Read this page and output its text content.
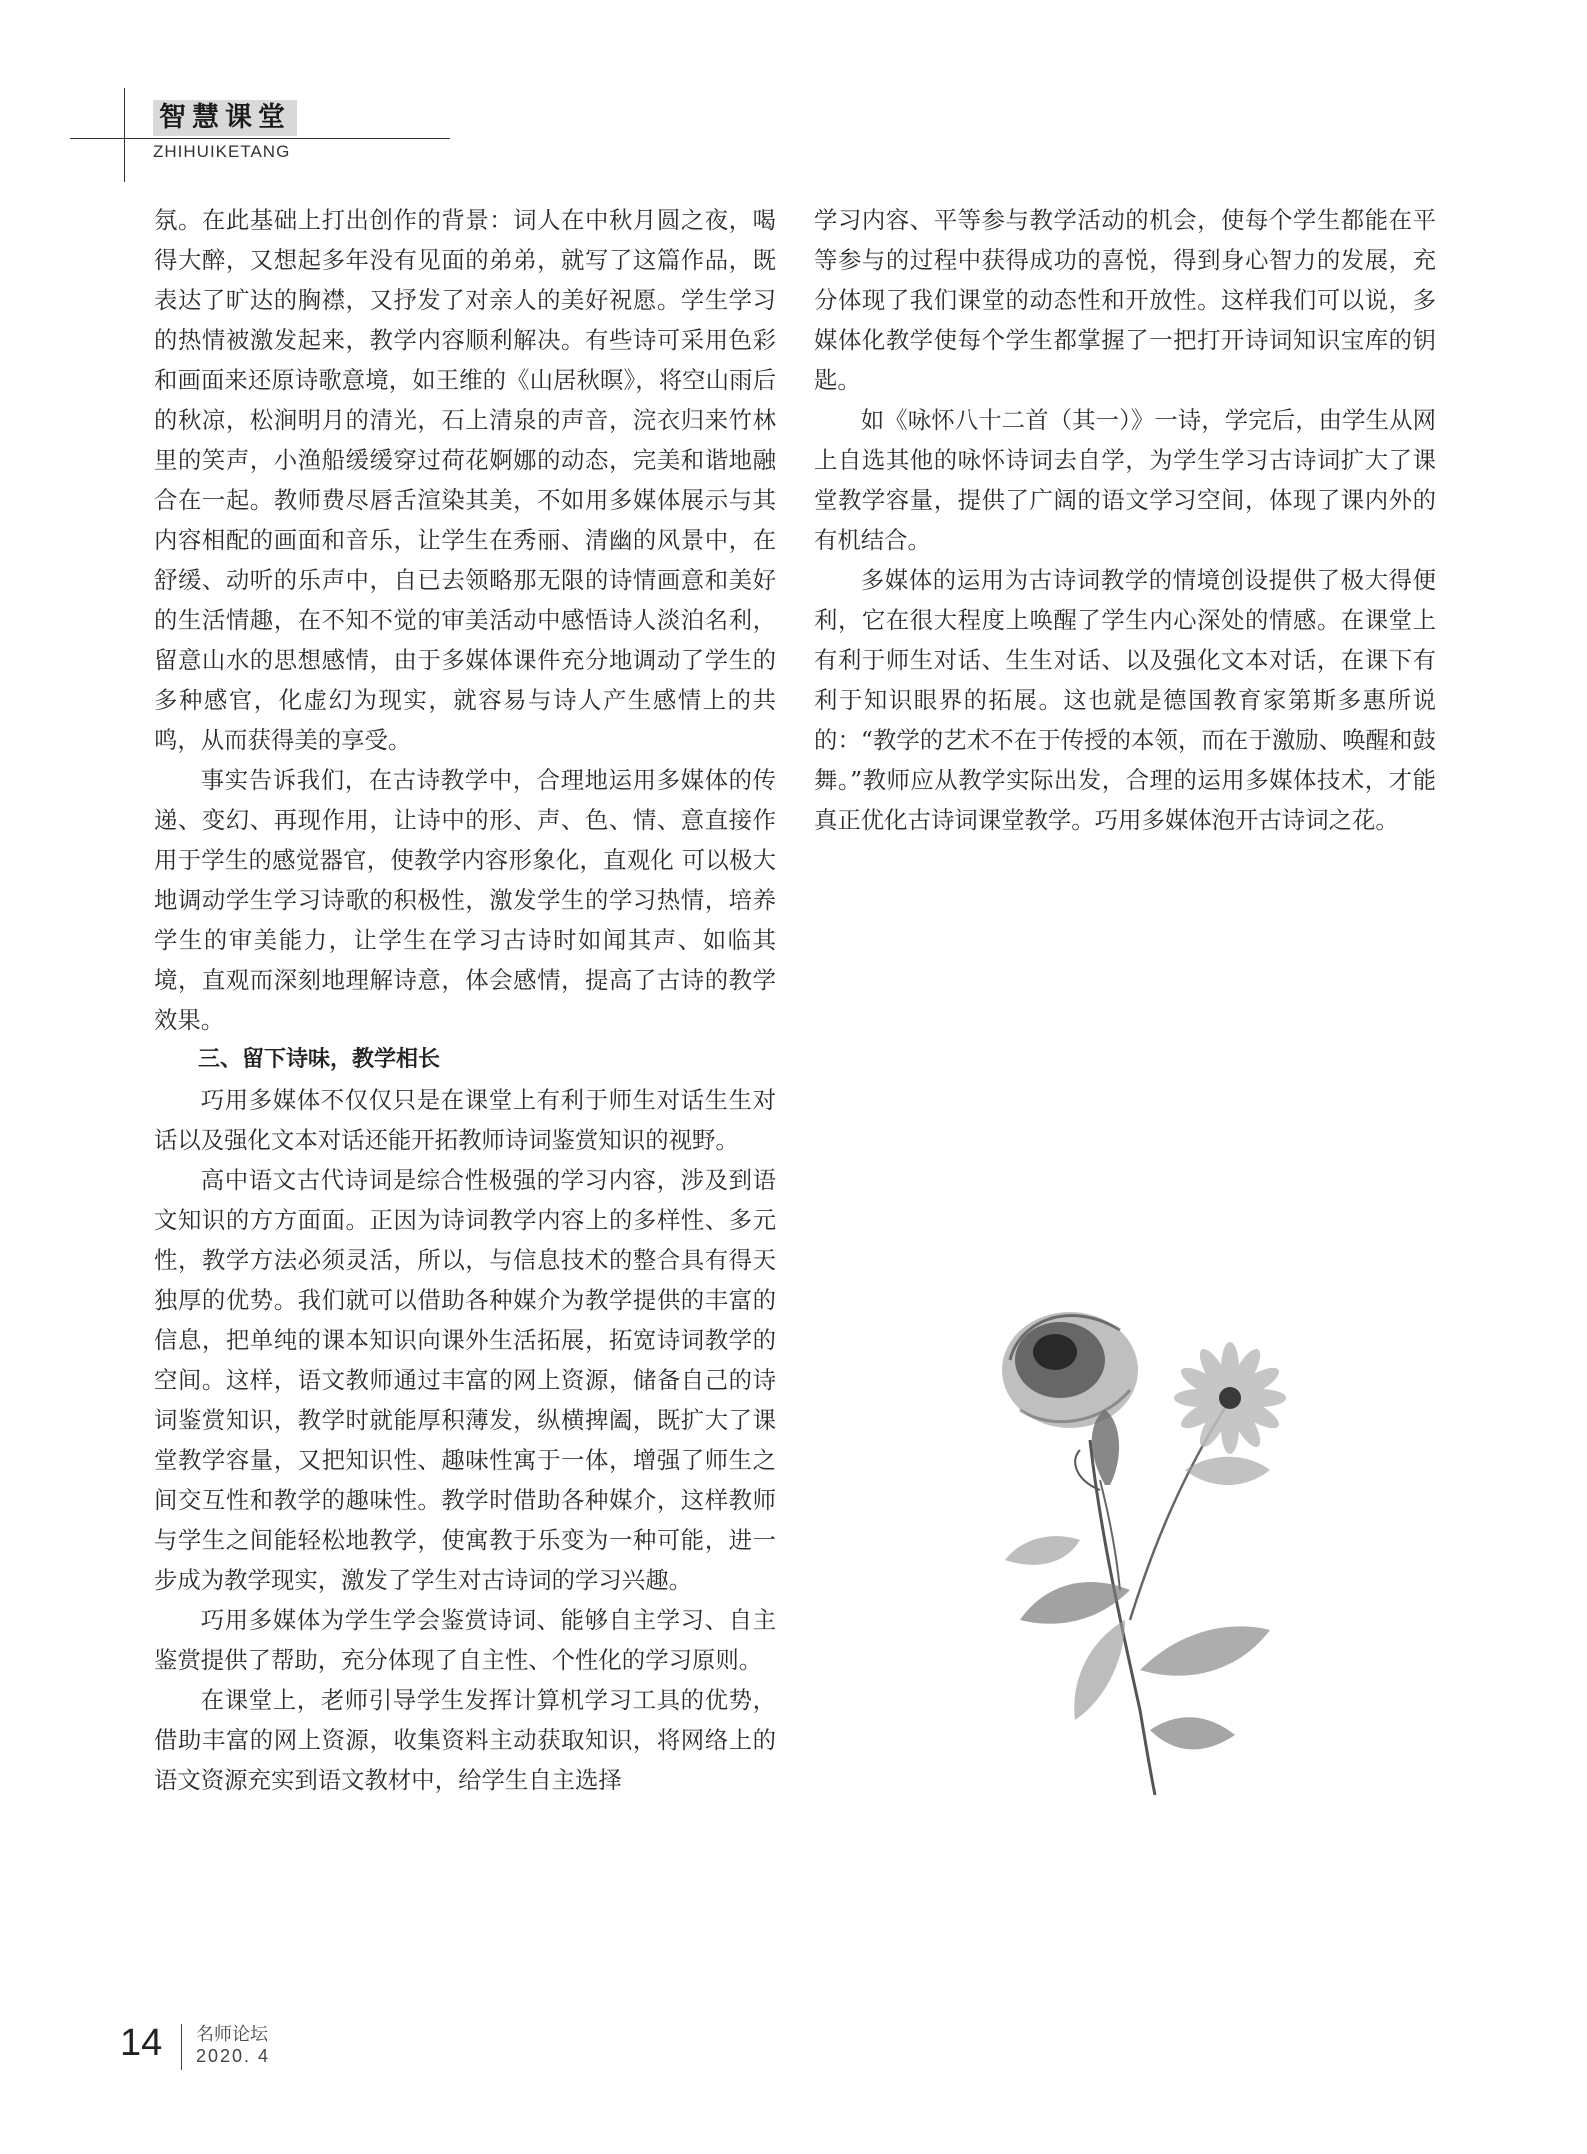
智慧课堂
ZHIHUIKETANG

氛。在此基础上打出创作的背景：词人在中秋月圆之夜，喝得大醉，又想起多年没有见面的弟弟，就写了这篇作品，既表达了旷达的胸襟，又抒发了对亲人的美好祝愿。学生学习的热情被激发起来，教学内容顺利解决。有些诗可采用色彩和画面来还原诗歌意境，如王维的《山居秋暝》，将空山雨后的秋凉，松涧明月的清光，石上清泉的声音，浣衣归来竹林里的笑声，小渔船缓缓穿过荷花婀娜的动态，完美和谐地融合在一起。教师费尽唇舌渲染其美，不如用多媒体展示与其内容相配的画面和音乐，让学生在秀丽、清幽的风景中，在舒缓、动听的乐声中，自已去领略那无限的诗情画意和美好的生活情趣，在不知不觉的审美活动中感悟诗人淡泊名利，留意山水的思想感情，由于多媒体课件充分地调动了学生的多种感官，化虚幻为现实，就容易与诗人产生感情上的共鸣，从而获得美的享受。

事实告诉我们，在古诗教学中，合理地运用多媒体的传递、变幻、再现作用，让诗中的形、声、色、情、意直接作用于学生的感觉器官，使教学内容形象化，直观化 可以极大地调动学生学习诗歌的积极性，激发学生的学习热情，培养学生的审美能力，让学生在学习古诗时如闻其声、如临其境，直观而深刻地理解诗意，体会感情，提高了古诗的教学效果。

三、留下诗味，教学相长

巧用多媒体不仅仅只是在课堂上有利于师生对话生生对话以及强化文本对话还能开拓教师诗词鉴赏知识的视野。

高中语文古代诗词是综合性极强的学习内容，涉及到语文知识的方方面面。正因为诗词教学内容上的多样性、多元性，教学方法必须灵活，所以，与信息技术的整合具有得天独厚的优势。我们就可以借助各种媒介为教学提供的丰富的信息，把单纯的课本知识向课外生活拓展，拓宽诗词教学的空间。这样，语文教师通过丰富的网上资源，储备自己的诗词鉴赏知识，教学时就能厚积薄发，纵横捭阖，既扩大了课堂教学容量，又把知识性、趣味性寓于一体，增强了师生之间交互性和教学的趣味性。教学时借助各种媒介，这样教师与学生之间能轻松地教学，使寓教于乐变为一种可能，进一步成为教学现实，激发了学生对古诗词的学习兴趣。

巧用多媒体为学生学会鉴赏诗词、能够自主学习、自主鉴赏提供了帮助，充分体现了自主性、个性化的学习原则。

在课堂上，老师引导学生发挥计算机学习工具的优势，借助丰富的网上资源，收集资料主动获取知识，将网络上的语文资源充实到语文教材中，给学生自主选择

学习内容、平等参与教学活动的机会，使每个学生都能在平等参与的过程中获得成功的喜悦，得到身心智力的发展，充分体现了我们课堂的动态性和开放性。这样我们可以说，多媒体化教学使每个学生都掌握了一把打开诗词知识宝库的钥匙。

如《咏怀八十二首（其一）》一诗，学完后，由学生从网上自选其他的咏怀诗词去自学，为学生学习古诗词扩大了课堂教学容量，提供了广阔的语文学习空间，体现了课内外的有机结合。

多媒体的运用为古诗词教学的情境创设提供了极大得便利，它在很大程度上唤醒了学生内心深处的情感。在课堂上有利于师生对话、生生对话、以及强化文本对话，在课下有利于知识眼界的拓展。这也就是德国教育家第斯多惠所说的：“教学的艺术不在于传授的本领，而在于激励、唤醒和鼓舞。”教师应从教学实际出发，合理的运用多媒体技术，才能真正优化古诗词课堂教学。巧用多媒体泡开古诗词之花。

14 名师论坛
2020. 4
